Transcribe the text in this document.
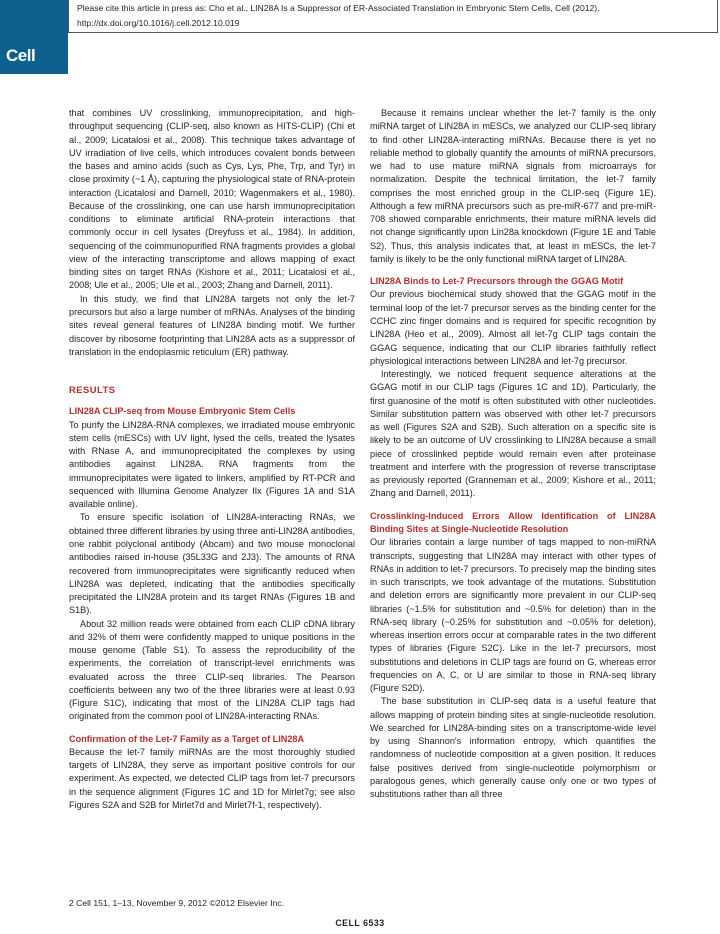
Please cite this article in press as: Cho et al., LIN28A Is a Suppressor of ER-Associated Translation in Embryonic Stem Cells, Cell (2012),
http://dx.doi.org/10.1016/j.cell.2012.10.019
Cell

that combines UV crosslinking, immunoprecipitation, and high-throughput sequencing (CLIP-seq, also known as HITS-CLIP) (Chi et al., 2009; Licatalosi et al., 2008). This technique takes advantage of UV irradiation of live cells, which introduces covalent bonds between the bases and amino acids (such as Cys, Lys, Phe, Trp, and Tyr) in close proximity (~1 Å), capturing the physiological state of RNA-protein interaction (Licatalosi and Darnell, 2010; Wagenmakers et al., 1980). Because of the crosslinking, one can use harsh immunoprecipitation conditions to eliminate artificial RNA-protein interactions that commonly occur in cell lysates (Dreyfuss et al., 1984). In addition, sequencing of the coimmunopurified RNA fragments provides a global view of the interacting transcriptome and allows mapping of exact binding sites on target RNAs (Kishore et al., 2011; Licatalosi et al., 2008; Ule et al., 2005; Ule et al., 2003; Zhang and Darnell, 2011).

In this study, we find that LIN28A targets not only the let-7 precursors but also a large number of mRNAs. Analyses of the binding sites reveal general features of LIN28A binding motif. We further discover by ribosome footprinting that LIN28A acts as a suppressor of translation in the endoplasmic reticulum (ER) pathway.

RESULTS
LIN28A CLIP-seq from Mouse Embryonic Stem Cells

To purify the LIN28A-RNA complexes, we irradiated mouse embryonic stem cells (mESCs) with UV light, lysed the cells, treated the lysates with RNase A, and immunoprecipitated the complexes by using antibodies against LIN28A. RNA fragments from the immunoprecipitates were ligated to linkers, amplified by RT-PCR and sequenced with Illumina Genome Analyzer IIx (Figures 1A and S1A available online).

To ensure specific isolation of LIN28A-interacting RNAs, we obtained three different libraries by using three anti-LIN28A antibodies, one rabbit polyclonal antibody (Abcam) and two mouse monoclonal antibodies raised in-house (35L33G and 2J3). The amounts of RNA recovered from immunoprecipitates were significantly reduced when LIN28A was depleted, indicating that the antibodies specifically precipitated the LIN28A protein and its target RNAs (Figures 1B and S1B).

About 32 million reads were obtained from each CLIP cDNA library and 32% of them were confidently mapped to unique positions in the mouse genome (Table S1). To assess the reproducibility of the experiments, the correlation of transcript-level enrichments was evaluated across the three CLIP-seq libraries. The Pearson coefficients between any two of the three libraries were at least 0.93 (Figure S1C), indicating that most of the LIN28A CLIP tags had originated from the common pool of LIN28A-interacting RNAs.

Confirmation of the Let-7 Family as a Target of LIN28A

Because the let-7 family miRNAs are the most thoroughly studied targets of LIN28A, they serve as important positive controls for our experiment. As expected, we detected CLIP tags from let-7 precursors in the sequence alignment (Figures 1C and 1D for Mirlet7g; see also Figures S2A and S2B for Mirlet7d and Mirlet7f-1, respectively).

Because it remains unclear whether the let-7 family is the only miRNA target of LIN28A in mESCs, we analyzed our CLIP-seq library to find other LIN28A-interacting miRNAs. Because there is yet no reliable method to globally quantify the amounts of miRNA precursors, we had to use mature miRNA signals from microarrays for normalization. Despite the technical limitation, the let-7 family comprises the most enriched group in the CLIP-seq (Figure 1E). Although a few miRNA precursors such as pre-miR-677 and pre-miR-708 showed comparable enrichments, their mature miRNA levels did not change significantly upon Lin28a knockdown (Figure 1E and Table S2). Thus, this analysis indicates that, at least in mESCs, the let-7 family is likely to be the only functional miRNA target of LIN28A.

LIN28A Binds to Let-7 Precursors through the GGAG Motif

Our previous biochemical study showed that the GGAG motif in the terminal loop of the let-7 precursor serves as the binding center for the CCHC zinc finger domains and is required for specific recognition by LIN28A (Heo et al., 2009). Almost all let-7g CLIP tags contain the GGAG sequence, indicating that our CLIP libraries faithfully reflect physiological interactions between LIN28A and let-7g precursor.

Interestingly, we noticed frequent sequence alterations at the GGAG motif in our CLIP tags (Figures 1C and 1D). Particularly, the first guanosine of the motif is often substituted with other nucleotides. Similar substitution pattern was observed with other let-7 precursors as well (Figures S2A and S2B). Such alteration on a specific site is likely to be an outcome of UV crosslinking to LIN28A because a small piece of crosslinked peptide would remain even after proteinase treatment and interfere with the progression of reverse transcriptase as previously reported (Granneman et al., 2009; Kishore et al., 2011; Zhang and Darnell, 2011).

Crosslinking-Induced Errors Allow Identification of LIN28A Binding Sites at Single-Nucleotide Resolution

Our libraries contain a large number of tags mapped to non-miRNA transcripts, suggesting that LIN28A may interact with other types of RNAs in addition to let-7 precursors. To precisely map the binding sites in such transcripts, we took advantage of the mutations. Substitution and deletion errors are significantly more prevalent in our CLIP-seq libraries (~1.5% for substitution and ~0.5% for deletion) than in the RNA-seq library (~0.25% for substitution and ~0.05% for deletion), whereas insertion errors occur at comparable rates in the two different types of libraries (Figure S2C). Like in the let-7 precursors, most substitutions and deletions in CLIP tags are found on G, whereas error frequencies on A, C, or U are similar to those in RNA-seq library (Figure S2D).

The base substitution in CLIP-seq data is a useful feature that allows mapping of protein binding sites at single-nucleotide resolution. We searched for LIN28A-binding sites on a transcriptome-wide level by using Shannon's information entropy, which quantifies the randomness of nucleotide composition at a given position. It reduces false positives derived from single-nucleotide polymorphism or paralogous genes, which generally cause only one or two types of substitutions rather than all three

2 Cell 151, 1–13, November 9, 2012 ©2012 Elsevier Inc.
CELL 6533
